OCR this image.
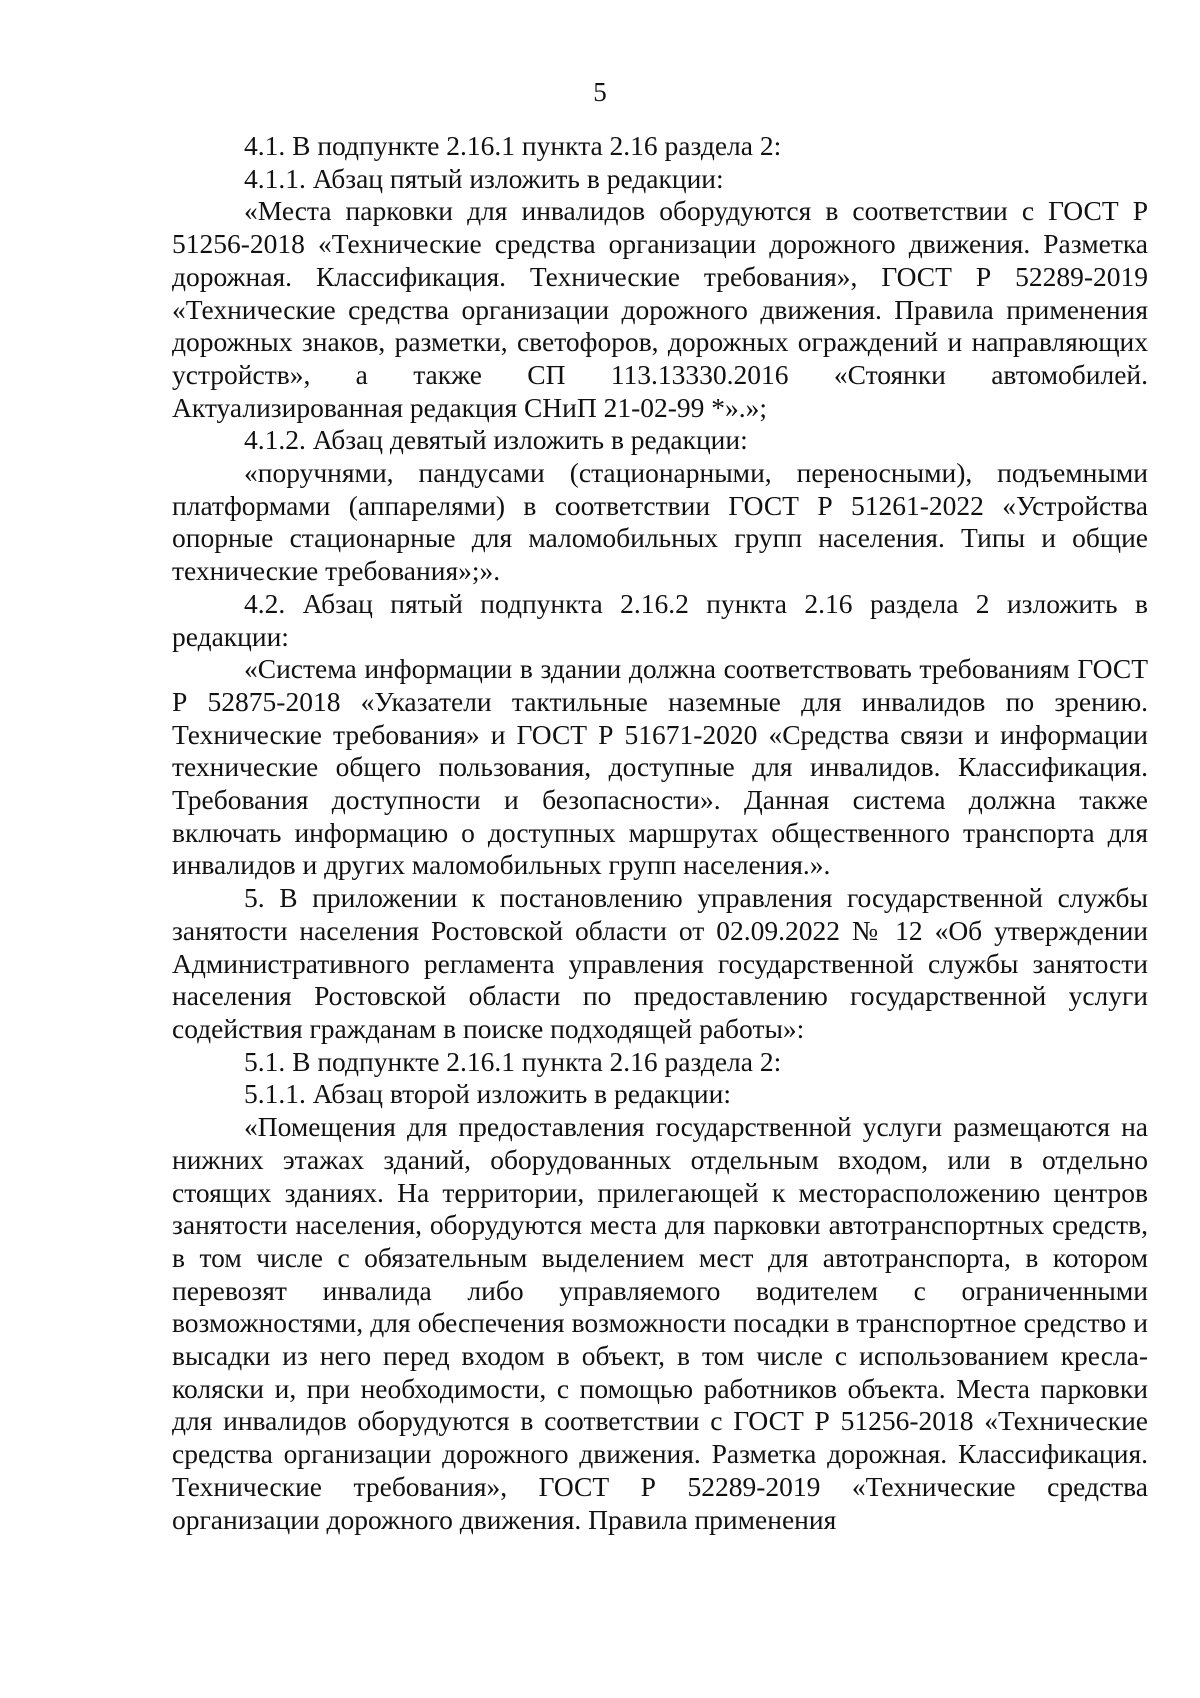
5

4.1. В подпункте 2.16.1 пункта 2.16 раздела 2:

4.1.1. Абзац пятый изложить в редакции:

«Места парковки для инвалидов оборудуются в соответствии с ГОСТ Р 51256-2018 «Технические средства организации дорожного движения. Разметка дорожная. Классификация. Технические требования», ГОСТ Р 52289-2019 «Технические средства организации дорожного движения. Правила применения дорожных знаков, разметки, светофоров, дорожных ограждений и направляющих устройств», а также СП 113.13330.2016 «Стоянки автомобилей. Актуализированная редакция СНиП 21-02-99 *».»;

4.1.2. Абзац девятый изложить в редакции:

«поручнями, пандусами (стационарными, переносными), подъемными платформами (аппарелями) в соответствии ГОСТ Р 51261-2022 «Устройства опорные стационарные для маломобильных групп населения. Типы и общие технические требования»;».

4.2. Абзац пятый подпункта 2.16.2 пункта 2.16 раздела 2 изложить в редакции:

«Система информации в здании должна соответствовать требованиям ГОСТ Р 52875-2018 «Указатели тактильные наземные для инвалидов по зрению. Технические требования» и ГОСТ Р 51671-2020 «Средства связи и информации технические общего пользования, доступные для инвалидов. Классификация. Требования доступности и безопасности». Данная система должна также включать информацию о доступных маршрутах общественного транспорта для инвалидов и других маломобильных групп населения.».

5. В приложении к постановлению управления государственной службы занятости населения Ростовской области от 02.09.2022 № 12 «Об утверждении Административного регламента управления государственной службы занятости населения Ростовской области по предоставлению государственной услуги содействия гражданам в поиске подходящей работы»:

5.1. В подпункте 2.16.1 пункта 2.16 раздела 2:

5.1.1. Абзац второй изложить в редакции:

«Помещения для предоставления государственной услуги размещаются на нижних этажах зданий, оборудованных отдельным входом, или в отдельно стоящих зданиях. На территории, прилегающей к месторасположению центров занятости населения, оборудуются места для парковки автотранспортных средств, в том числе с обязательным выделением мест для автотранспорта, в котором перевозят инвалида либо управляемого водителем с ограниченными возможностями, для обеспечения возможности посадки в транспортное средство и высадки из него перед входом в объект, в том числе с использованием кресла-коляски и, при необходимости, с помощью работников объекта. Места парковки для инвалидов оборудуются в соответствии с ГОСТ Р 51256-2018 «Технические средства организации дорожного движения. Разметка дорожная. Классификация. Технические требования», ГОСТ Р 52289-2019 «Технические средства организации дорожного движения. Правила применения
